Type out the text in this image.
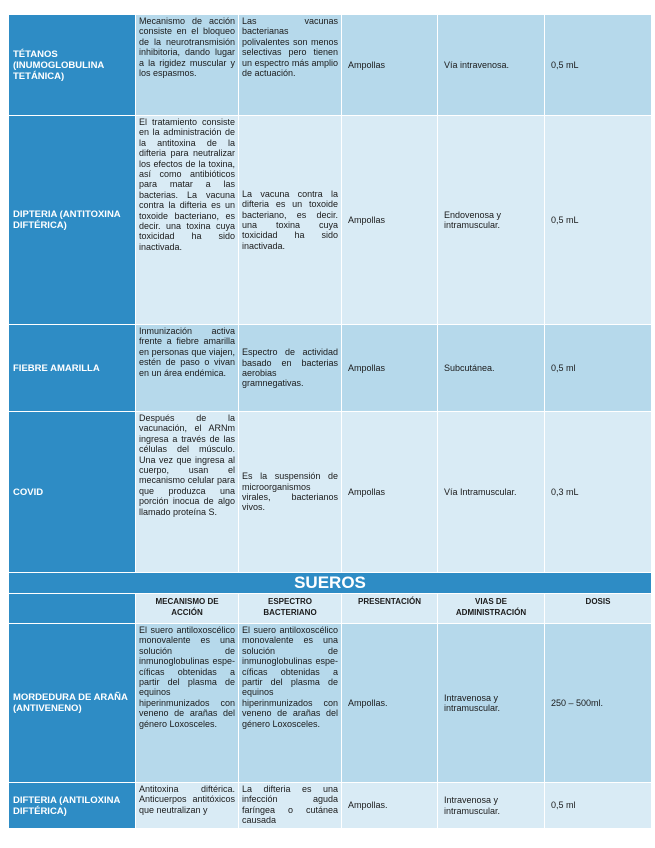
TÉTANOS (INUMOGLOBULINA TETÁNICA)	Mecanismo de acción consiste en el bloqueo de la neurotransmisión inhibitoria, dando lugar a la rigidez muscular y los espasmos.	Las vacunas bacterianas polivalentes son menos selectivas pero tienen un espectro más amplio de actuación.	Ampollas	Vía intravenosa.	0,5 mL
DIPTERIA (ANTITOXINA DIFTÉRICA)	El tratamiento consiste en la administración de la antitoxina de la difteria para neutralizar los efectos de la toxina, así como antibióticos para matar a las bacterias. La vacuna contra la difteria es un toxoide bacteriano, es decir. una toxina cuya toxicidad ha sido inactivada.	La vacuna contra la difteria es un toxoide bacteriano, es decir. una toxina cuya toxicidad ha sido inactivada.	Ampollas	Endovenosa y intramuscular.	0,5 mL
FIEBRE AMARILLA	Inmunización activa frente a fiebre amarilla en personas que viajen, estén de paso o vivan en un área endémica.	Espectro de actividad basado en bacterias aerobias gramnegativas.	Ampollas	Subcutánea.	0,5 ml
COVID	Después de la vacunación, el ARNm ingresa a través de las células del músculo. Una vez que ingresa al cuerpo, usan el mecanismo celular para que produzca una porción inocua de algo llamado proteína S.	Es la suspensión de microorganismos virales, bacterianos vivos.	Ampollas	Vía Intramuscular.	0,3 mL
SUEROS					
	MECANISMO DE ACCIÓN	ESPECTRO BACTERIANO	PRESENTACIÓN	VIAS DE ADMINISTRACIÓN	DOSIS
MORDEDURA DE ARAÑA (ANTIVENENO)	El suero antiloxoscélico monovalente es una solución de inmunoglobulinas espe- cíficas obtenidas a partir del plasma de equinos hiperinmunizados con veneno de arañas del género Loxosceles.	El suero antiloxoscélico monovalente es una solución de inmunoglobulinas espe- cíficas obtenidas a partir del plasma de equinos hiperinmunizados con veneno de arañas del género Loxosceles.	Ampollas.	Intravenosa y intramuscular.	250 – 500ml.
DIFTERIA (ANTILOXINA DIFTÉRICA)	Antitoxina diftérica. Anticuerpos antitóxicos que neutralizan y	La difteria es una infección aguda faríngea o cutánea causada	Ampollas.	Intravenosa y intramuscular.	0,5 ml
